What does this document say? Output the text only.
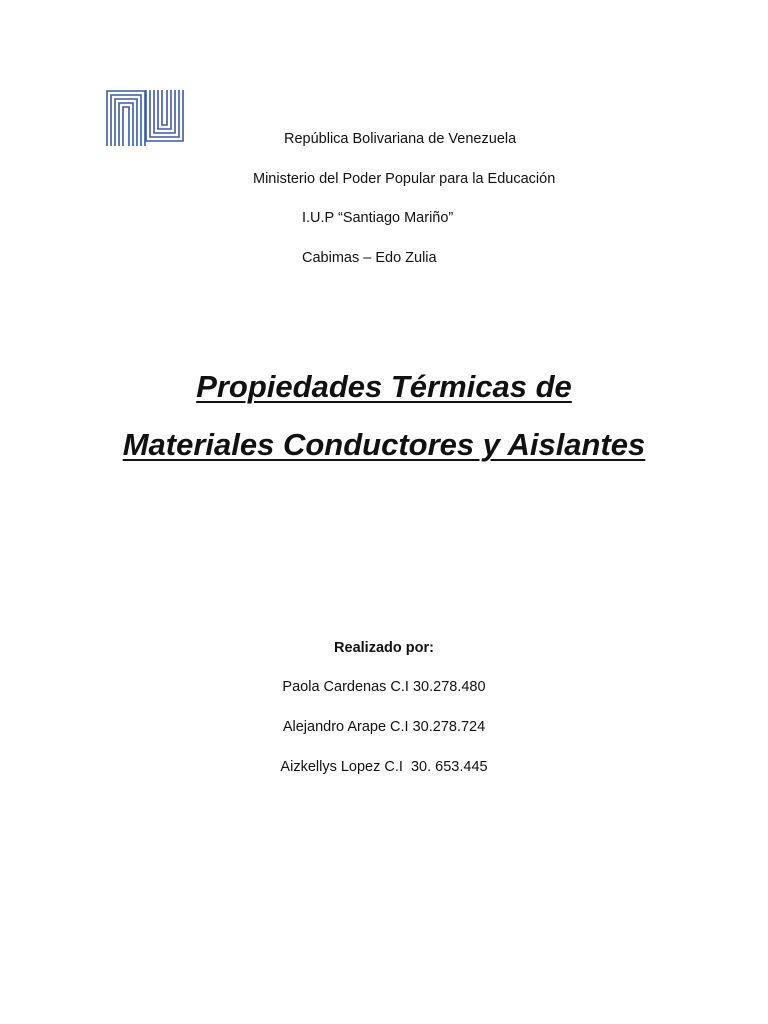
República Bolivariana de Venezuela
Ministerio del Poder Popular para la Educación
I.U.P “Santiago Mariño”
Cabimas – Edo Zulia
Propiedades Térmicas de
Materiales Conductores y Aislantes
Realizado por:
Paola Cardenas C.I 30.278.480
Alejandro Arape C.I 30.278.724
Aizkellys Lopez C.I  30. 653.445
